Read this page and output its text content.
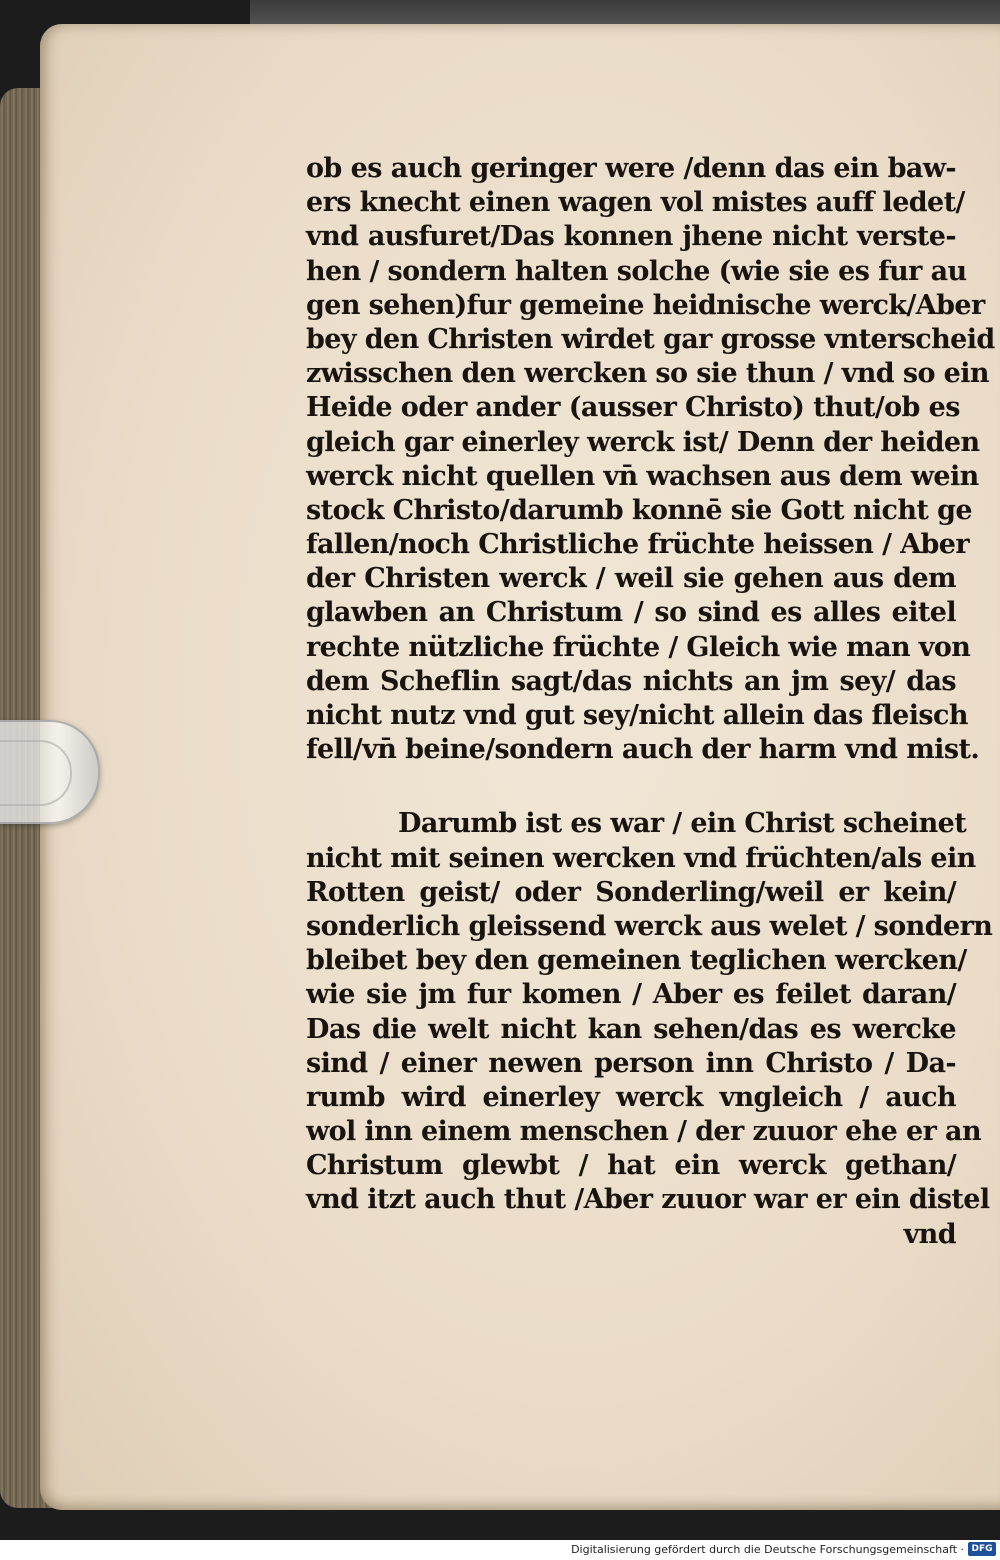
ob es auch geringer were /denn das ein baw-
ers knecht einen wagen vol mistes auff ledet/
vnd ausfuret/Das konnen jhene nicht verste-
hen / sondern halten solche (wie sie es fur au
gen sehen)fur gemeine heidnische werck/Aber
bey den Christen wirdet gar grosse vnterscheid
zwisschen den wercken so sie thun / vnd so ein
Heide oder ander (ausser Christo) thut/ob es
gleich gar einerley werck ist/ Denn der heiden
werck nicht quellen vn̄ wachsen aus dem wein
stock Christo/darumb konnē sie Gott nicht ge
fallen/noch Christliche früchte heissen / Aber
der Christen werck / weil sie gehen aus dem
glawben an Christum / so sind es alles eitel
rechte nützliche früchte / Gleich wie man von
dem Scheflin sagt/das nichts an jm sey/ das
nicht nutz vnd gut sey/nicht allein das fleisch
fell/vn̄ beine/sondern auch der harm vnd mist.
Darumb ist es war / ein Christ scheinet
nicht mit seinen wercken vnd früchten/als ein
Rotten geist/ oder Sonderling/weil er kein/
sonderlich gleissend werck aus welet / sondern
bleibet bey den gemeinen teglichen wercken/
wie sie jm fur komen / Aber es feilet daran/
Das die welt nicht kan sehen/das es wercke
sind / einer newen person inn Christo / Da-
rumb wird einerley werck vngleich / auch
wol inn einem menschen / der zuuor ehe er an
Christum glewbt / hat ein werck gethan/
vnd itzt auch thut /Aber zuuor war er ein distel
vnd
Digitalisierung gefördert durch die Deutsche Forschungsgemeinschaft · DFG
